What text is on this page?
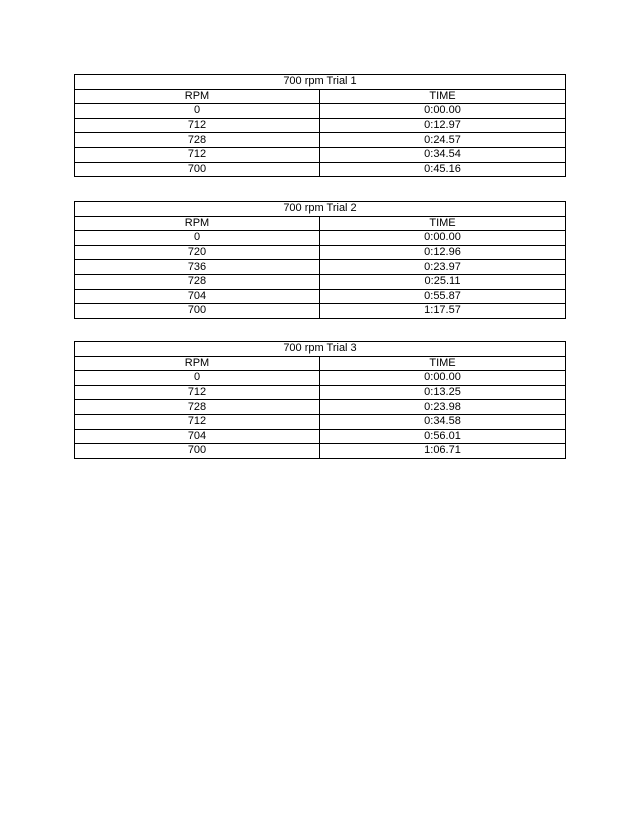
700 rpm Trial 1	
RPM	TIME
0	0:00.00
712	0:12.97
728	0:24.57
712	0:34.54
700	0:45.16
700 rpm Trial 2	
RPM	TIME
0	0:00.00
720	0:12.96
736	0:23.97
728	0:25.11
704	0:55.87
700	1:17.57
700 rpm Trial 3	
RPM	TIME
0	0:00.00
712	0:13.25
728	0:23.98
712	0:34.58
704	0:56.01
700	1:06.71
